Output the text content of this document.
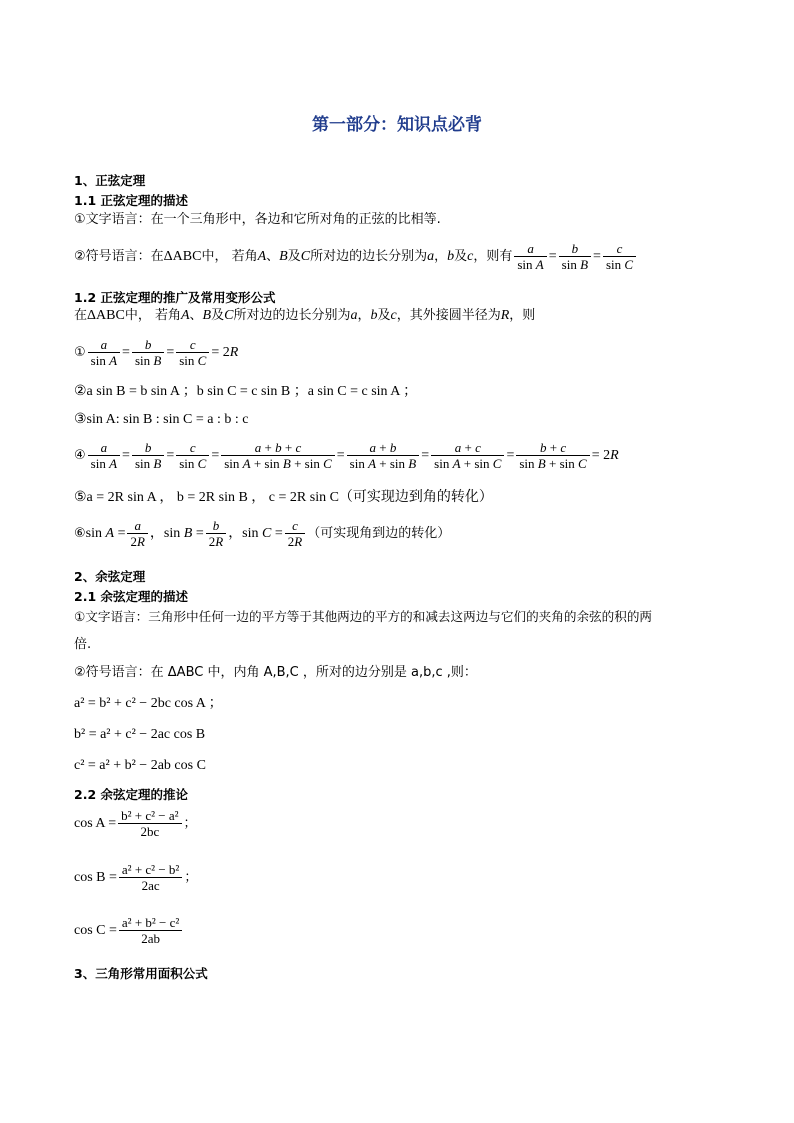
第一部分：知识点必背
1、正弦定理
1.1 正弦定理的描述
①文字语言：在一个三角形中，各边和它所对角的正弦的比相等.
②符号语言：在 ΔABC 中， 若角 A 、 B 及 C 所对边的边长分别为 a ， b 及 c ，则有 $\frac{a}{\text{sin A}} = \frac{b}{\text{sin B}} = \frac{c}{\text{sin C}}$
1.2 正弦定理的推广及常用变形公式
在 ΔABC 中， 若角 A 、 B 及 C 所对边的边长分别为 a ， b 及 c ，其外接圆半径为 R ，则
① $\frac{a}{\text{sin A}} = \frac{b}{\text{sin B}} = \frac{c}{\text{sin C}} = 2R$
②a sin B = b sin A ；b sin C = c sin B ；a sin C = c sin A ；
③sin A: sin B : sin C = a : b : c
④ $\frac{a}{\text{sin A}} = \frac{b}{\text{sin B}} = \frac{c}{\text{sin C}} = \frac{a + b + c}{\text{sin A + sin B + sin C}} = \frac{a + b}{\text{sin A + sin B}} = \frac{a + c}{\text{sin A + sin C}} = \frac{b + c}{\text{sin B + sin C}} = 2R$
⑤a = 2R sin A ， b = 2R sin B ， c = 2R sin C（可实现边到角的转化）
⑥ $\sin A = \frac{a}{2R}$ ，$\sin B = \frac{b}{2R}$ ，$\sin C = \frac{c}{2R}$ （可实现角到边的转化）
2、余弦定理
2.1 余弦定理的描述
①文字语言：三角形中任何一边的平方等于其他两边的平方的和减去这两边与它们的夹角的余弦的积的两
倍.
②符号语言：在 ΔABC 中，内角 A,B,C ，所对的边分别是 a,b,c ,则：
a² = b² + c² − 2bc cos A ；
b² = a² + c² − 2ac cos B
c² = a² + b² − 2ab cos C
2.2 余弦定理的推论
$\cos A = \frac{\text{b² + c² − a²}}{2bc}$ ；
$\cos B = \frac{\text{a² + c² − b²}}{2ac}$ ；
$\cos C = \frac{\text{a² + b² − c²}}{2ab}$
3、三角形常用面积公式
